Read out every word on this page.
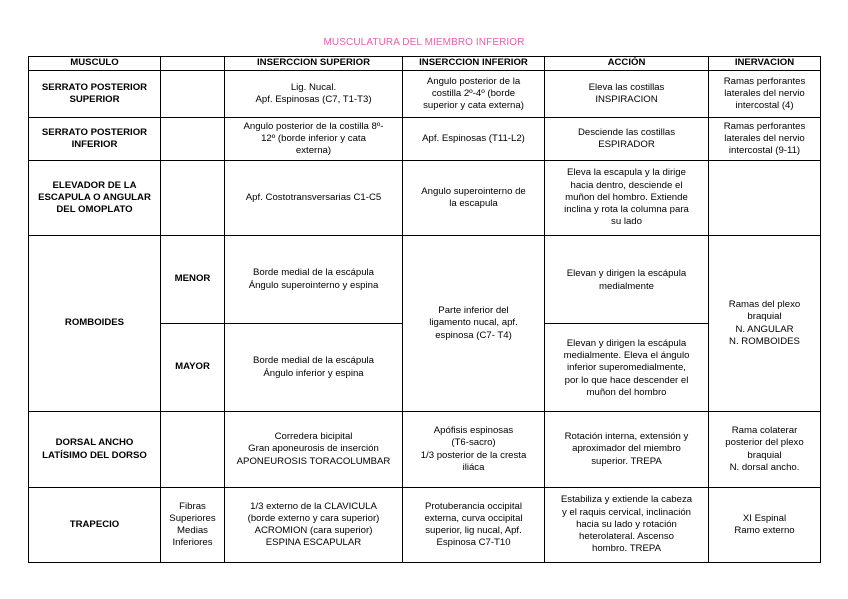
MUSCULATURA DEL MIEMBRO INFERIOR
MUSCULO		INSERCCION SUPERIOR	INSERCCION INFERIOR	ACCIÓN	INERVACION

SERRATO POSTERIOR
SUPERIOR		Lig. Nucal.
Apf. Espinosas (C7, T1-T3)	Angulo posterior de la
costilla 2º-4º (borde
superior y cata externa)	Eleva las costillas
INSPIRACION	Ramas perforantes
laterales del nervio
intercostal (4)

SERRATO POSTERIOR
INFERIOR		Angulo posterior de la costilla 8º-
12º (borde inferior y cata
externa)	Apf. Espinosas (T11-L2)	Desciende las costillas
ESPIRADOR	Ramas perforantes
laterales del nervio
intercostal (9-11)

ELEVADOR DE LA
ESCAPULA O ANGULAR
DEL OMOPLATO		Apf. Costotransversarias C1-C5	Angulo superointerno de
la escapula	Eleva la escapula y la dirige
hacia dentro, desciende el
muñon del hombro. Extiende
inclina y rota la columna para
su lado	

ROMBOIDES	MENOR	Borde medial de la escápula
Ángulo superointerno y espina	Parte inferior del
ligamento nucal, apf.
espinosa (C7- T4)	Elevan y dirigen la escápula
medialmente	Ramas del plexo
braquial
N. ANGULAR
N. ROMBOIDES

	MAYOR	Borde medial de la escápula
Ángulo inferior y espina		Elevan y dirigen la escápula
medialmente. Eleva el ángulo
inferior superomedialmente,
por lo que hace descender el
muñon del hombro	

DORSAL ANCHO
LATÍSIMO DEL DORSO		Corredera bicipital
Gran aponeurosis de inserción
APONEUROSIS TORACOLUMBAR	Apófisis espinosas
(T6-sacro)
1/3 posterior de la cresta
iliáca	Rotación interna, extensión y
aproximador del miembro
superior. TREPA	Rama colaterar
posterior del plexo
braquial
N. dorsal ancho.

TRAPECIO	Fibras
Superiores
Medias
Inferiores	1/3 externo de la CLAVICULA
(borde externo y cara superior)
ACROMION (cara superior)
ESPINA ESCAPULAR	Protuberancia occipital
externa, curva occipital
superior, lig nucal, Apf.
Espinosa C7-T10	Estabiliza y extiende la cabeza
y el raquis cervical, inclinación
hacia su lado y rotación
heterolateral. Ascenso
hombro. TREPA	XI Espinal
Ramo externo
